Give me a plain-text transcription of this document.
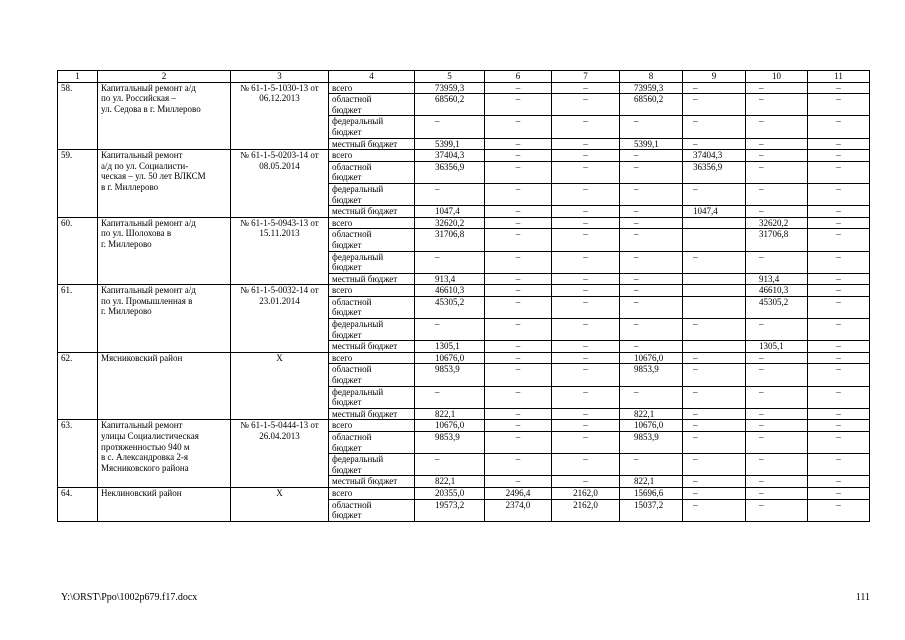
1	2	3	4	5	6	7	8	9	10	11
58.	Капитальный ремонт а/д
по ул. Российская –
ул. Седова в г. Миллерово	№ 61-1-5-1030-13 от
06.12.2013	всего	73959,3	–	–	73959,3	–	–	–
			областной
бюджет	68560,2	–	–	68560,2	–	–	–
			федеральный
бюджет	–	–	–	–	–	–	–
			местный бюджет	5399,1	–	–	5399,1	–	–	–
59.	Капитальный ремонт
а/д по ул. Социалисти-
ческая – ул. 50 лет ВЛКСМ
в г. Миллерово	№ 61-1-5-0203-14 от
08.05.2014	всего	37404,3	–	–	–	37404,3	–	–
			областной
бюджет	36356,9	–	–	–	36356,9	–	–
			федеральный
бюджет	–	–	–	–	–	–	–
			местный бюджет	1047,4	–	–	–	1047,4	–	–
60.	Капитальный ремонт а/д
по ул. Шолохова в
г. Миллерово	№ 61-1-5-0943-13 от
15.11.2013	всего	32620,2	–	–	–		32620,2	–
			областной
бюджет	31706,8	–	–	–		31706,8	–
			федеральный
бюджет	–	–	–	–	–	–	–
			местный бюджет	913,4	–	–	–		913,4	–
61.	Капитальный ремонт а/д
по ул. Промышленная в
г. Миллерово	№ 61-1-5-0032-14 от
23.01.2014	всего	46610,3	–	–	–		46610,3	–
			областной
бюджет	45305,2	–	–	–		45305,2	–
			федеральный
бюджет	–	–	–	–	–	–	–
			местный бюджет	1305,1	–	–	–		1305,1	–
62.	Мясниковский район	Х	всего	10676,0	–	–	10676,0	–	–	–
			областной
бюджет	9853,9	–	–	9853,9	–	–	–
			федеральный
бюджет	–	–	–	–	–	–	–
			местный бюджет	822,1	–	–	822,1	–	–	–
63.	Капитальный ремонт
улицы Социалистическая
протяженностью 940 м
в с. Александровка 2-я
Мясниковского района	№ 61-1-5-0444-13 от
26.04.2013	всего	10676,0	–	–	10676,0	–	–	–
			областной
бюджет	9853,9	–	–	9853,9	–	–	–
			федеральный
бюджет	–	–	–	–	–	–	–
			местный бюджет	822,1	–	–	822,1	–	–	–
64.	Неклиновский район	Х	всего	20355,0	2496,4	2162,0	15696,6	–	–	–
			областной
бюджет	19573,2	2374,0	2162,0	15037,2	–	–	–
Y:\ORST\Ppo\1002p679.f17.docx	111
